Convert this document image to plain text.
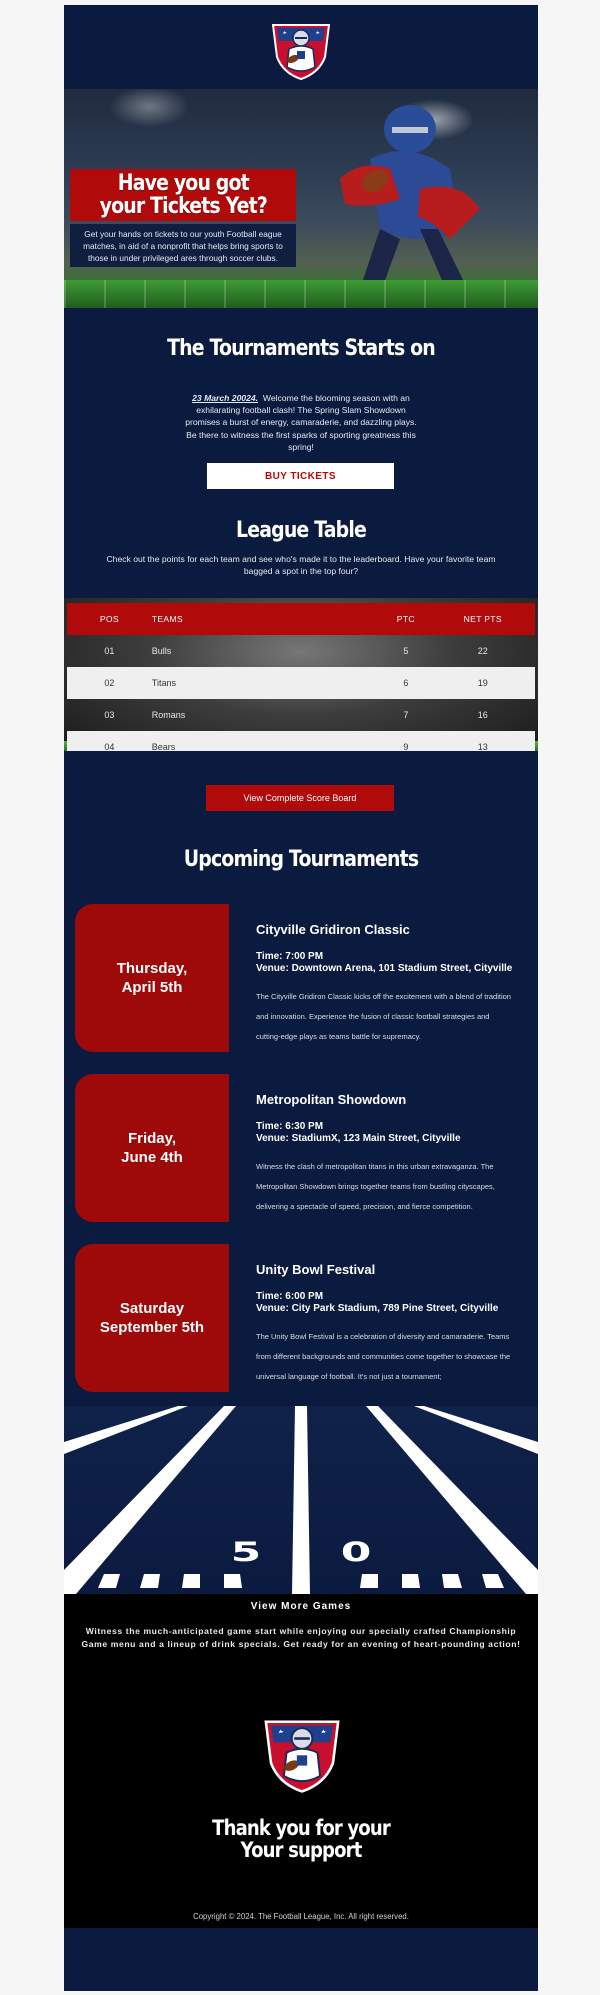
Have you got
your Tickets Yet?
Get your hands on tickets to our youth Football eague matches, in aid of a nonprofit that helps bring sports to those in under privileged ares through soccer clubs.
The Tournaments Starts on
23 March 20024. Welcome the blooming season with an exhilarating football clash! The Spring Slam Showdown promises a burst of energy, camaraderie, and dazzling plays. Be there to witness the first sparks of sporting greatness this spring!
BUY TICKETS
League Table
Check out the points for each team and see who's made it to the leaderboard. Have your favorite team bagged a spot in the top four?
POS	TEAMS	PTC	NET PTS
01	Bulls	5	22
02	Titans	6	19
03	Romans	7	16
04	Bears	9	13
View Complete Score Board
Upcoming Tournaments
Thursday,
April 5th
Cityville Gridiron Classic
Time: 7:00 PM
Venue: Downtown Arena, 101 Stadium Street, Cityville
The Cityville Gridiron Classic kicks off the excitement with a blend of tradition and innovation. Experience the fusion of classic football strategies and cutting-edge plays as teams battle for supremacy.
Friday,
June 4th
Metropolitan Showdown
Time: 6:30 PM
Venue: StadiumX, 123 Main Street, Cityville
Witness the clash of metropolitan titans in this urban extravaganza. The Metropolitan Showdown brings together teams from bustling cityscapes, delivering a spectacle of speed, precision, and fierce competition.
Saturday
September 5th
Unity Bowl Festival
Time: 6:00 PM
Venue: City Park Stadium, 789 Pine Street, Cityville
The Unity Bowl Festival is a celebration of diversity and camaraderie. Teams from different backgrounds and communities come together to showcase the universal language of football. It's not just a tournament;
5 0
View More Games
Witness the much-anticipated game start while enjoying our specially crafted Championship Game menu and a lineup of drink specials. Get ready for an evening of heart-pounding action!
Thank you for your
Your support
Copyright © 2024. The Football League, Inc. All right reserved.
